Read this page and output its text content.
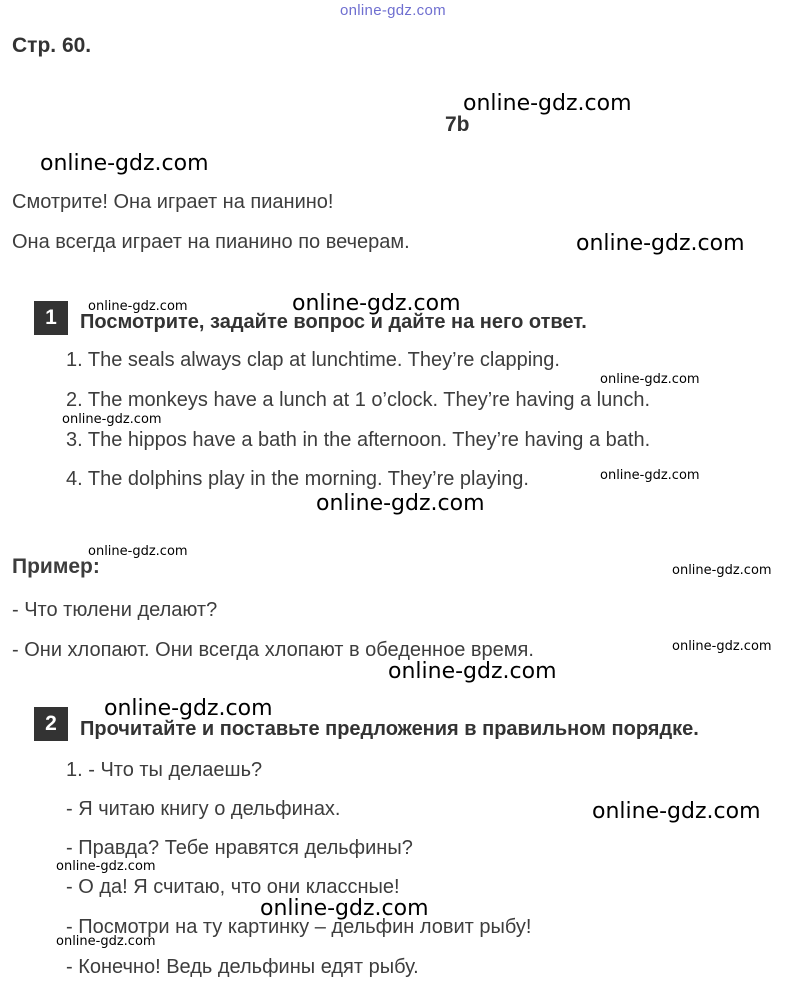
online-gdz.com
Стр. 60.
7b
Смотрите! Она играет на пианино!
Она всегда играет на пианино по вечерам.
1	Посмотрите, задайте вопрос и дайте на него ответ.
1. The seals always clap at lunchtime. They’re clapping.
2. The monkeys have a lunch at 1 o’clock. They’re having a lunch.
3. The hippos have a bath in the afternoon. They’re having a bath.
4. The dolphins play in the morning. They’re playing.
Пример:
- Что тюлени делают?
- Они хлопают. Они всегда хлопают в обеденное время.
2	Прочитайте и поставьте предложения в правильном порядке.
1. - Что ты делаешь?
- Я читаю книгу о дельфинах.
- Правда? Тебе нравятся дельфины?
- О да! Я считаю, что они классные!
- Посмотри на ту картинку – дельфин ловит рыбу!
- Конечно! Ведь дельфины едят рыбу.
online-gdz.com
online-gdz.com
online-gdz.com
online-gdz.com	online-gdz.com
online-gdz.com
online-gdz.com
online-gdz.com
online-gdz.com
online-gdz.com
online-gdz.com
online-gdz.com
online-gdz.com
online-gdz.com
online-gdz.com
online-gdz.com
online-gdz.com
online-gdz.com
